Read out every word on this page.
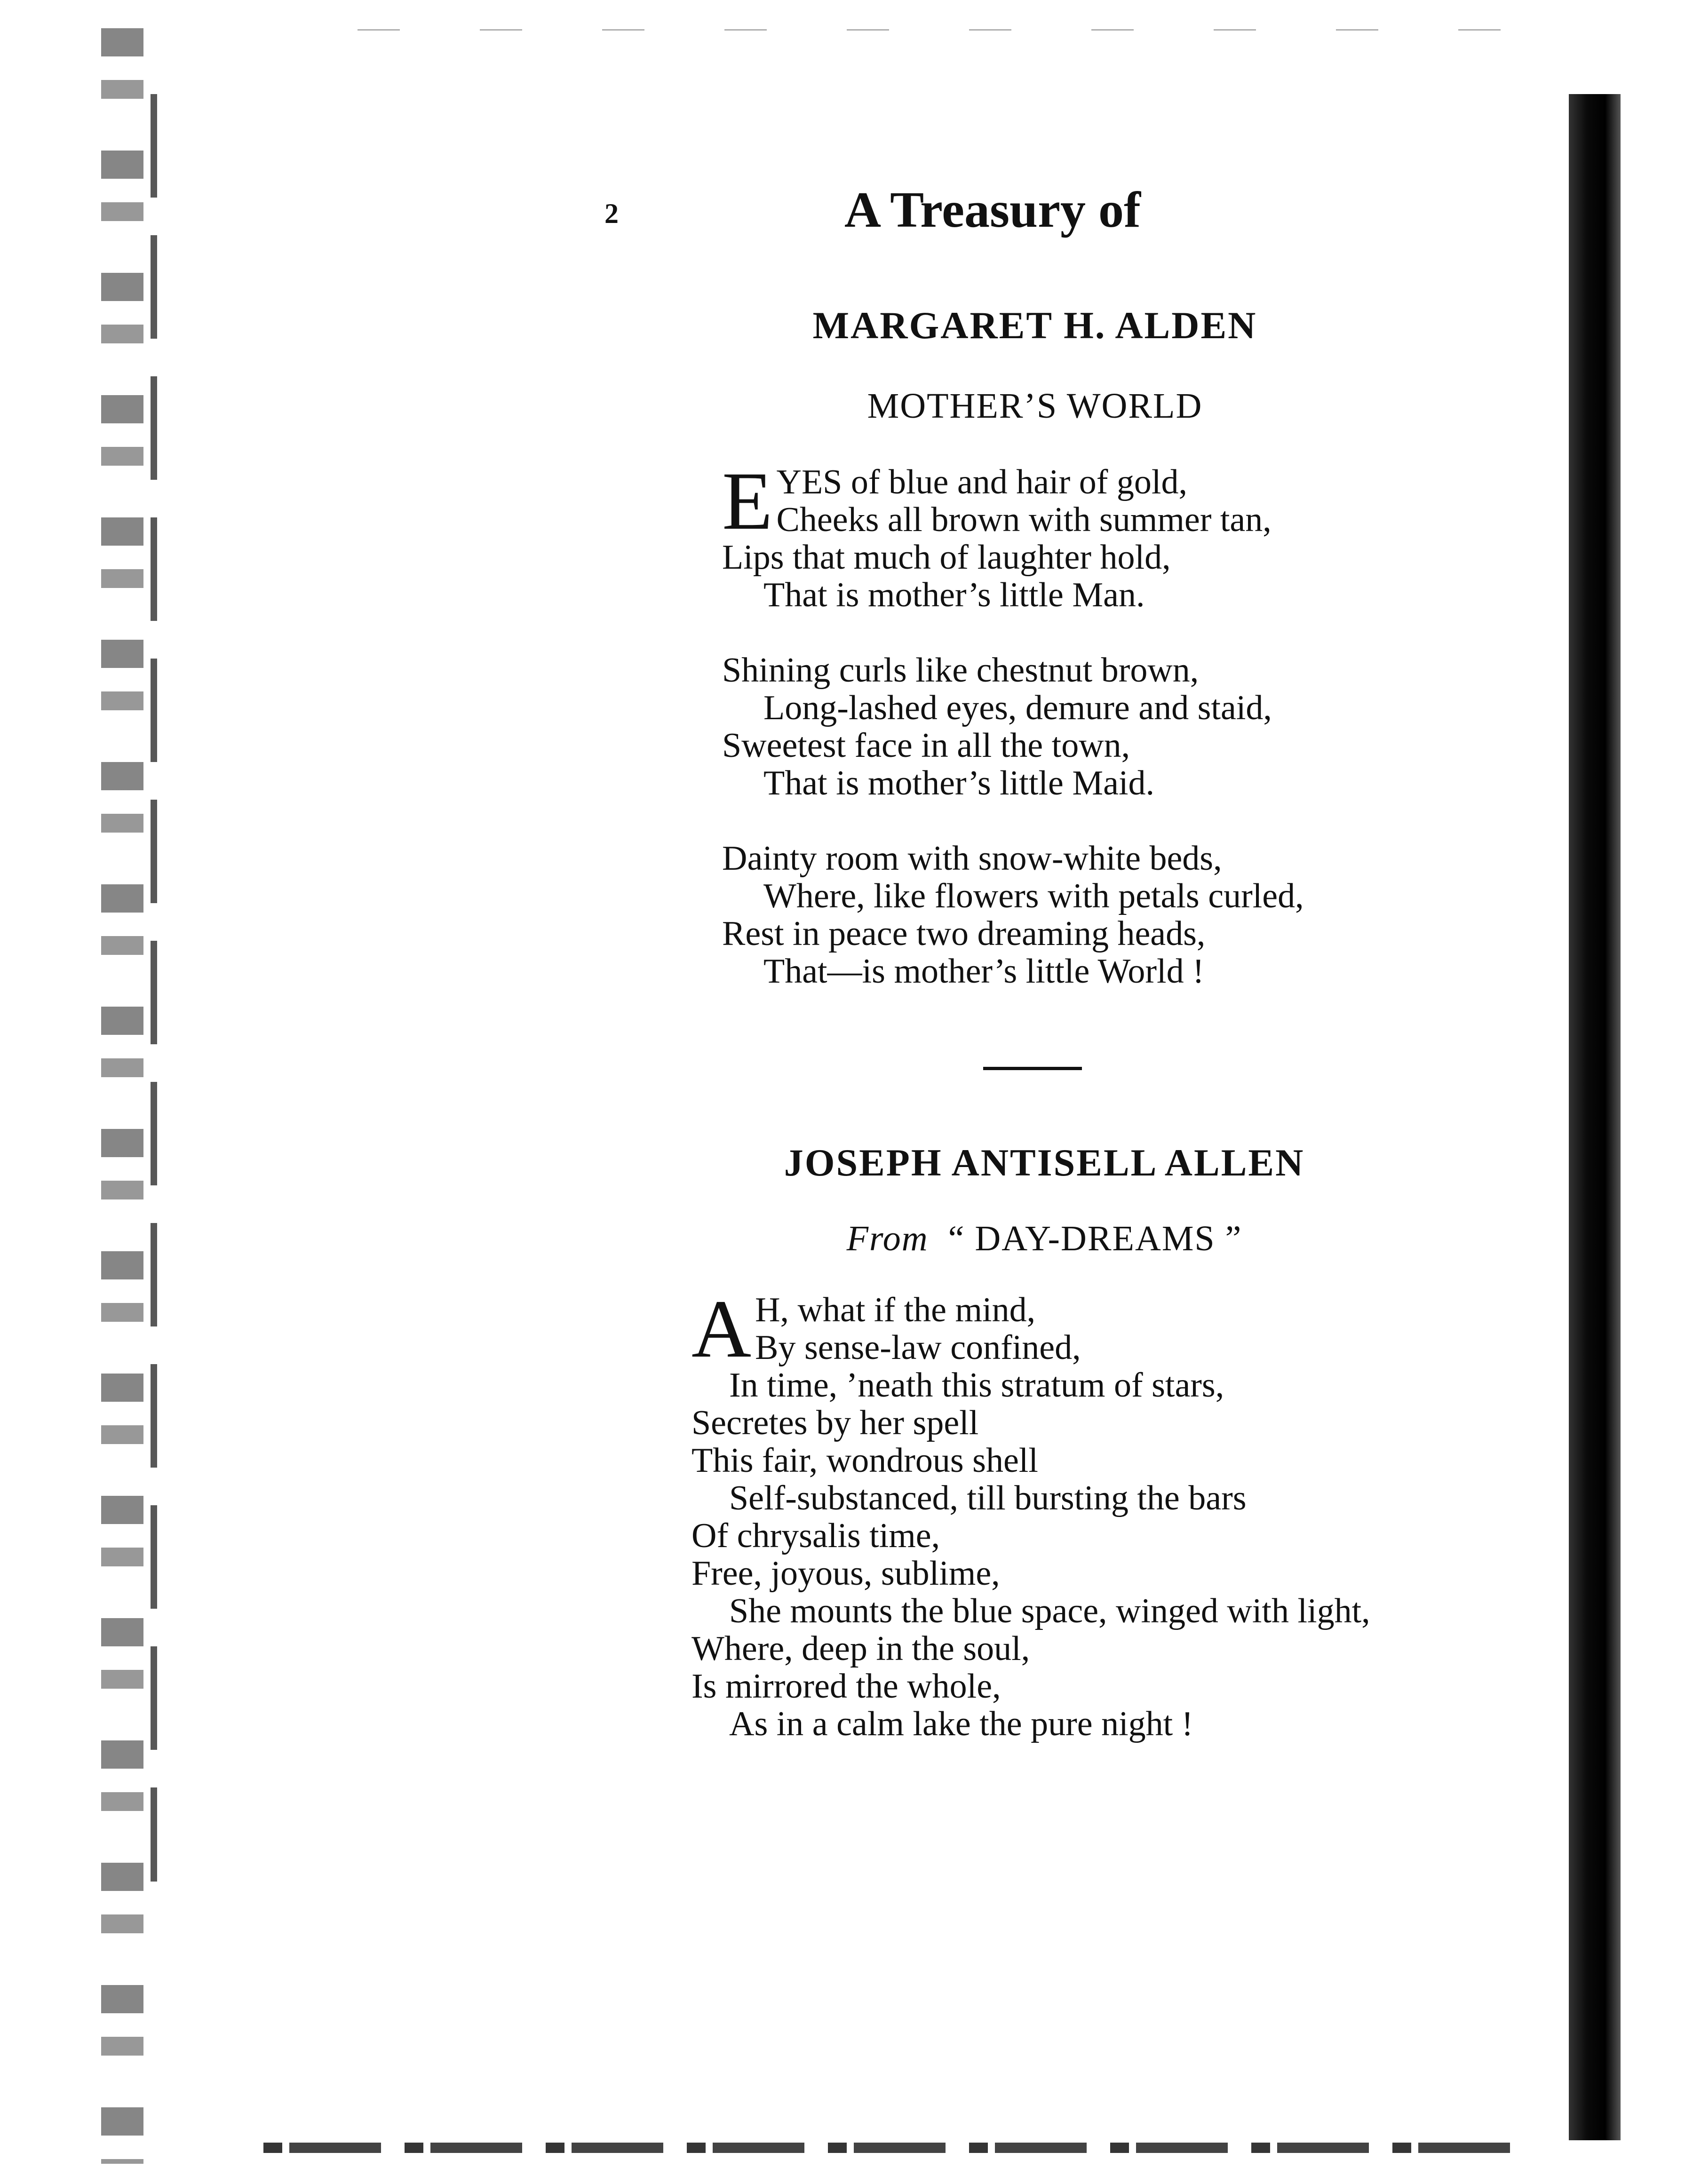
2	A Treasury of
MARGARET H. ALDEN
MOTHER’S WORLD
E YES of blue and hair of gold,
Cheeks all brown with summer tan,
Lips that much of laughter hold,
That is mother’s little Man.
Shining curls like chestnut brown,
Long-lashed eyes, demure and staid,
Sweetest face in all the town,
That is mother’s little Maid.
Dainty room with snow-white beds,
Where, like flowers with petals curled,
Rest in peace two dreaming heads,
That—is mother’s little World !
JOSEPH ANTISELL ALLEN
From “ DAY-DREAMS ”
A H, what if the mind,
By sense-law confined,
In time, ’neath this stratum of stars,
Secretes by her spell
This fair, wondrous shell
Self-substanced, till bursting the bars
Of chrysalis time,
Free, joyous, sublime,
She mounts the blue space, winged with light,
Where, deep in the soul,
Is mirrored the whole,
As in a calm lake the pure night !
